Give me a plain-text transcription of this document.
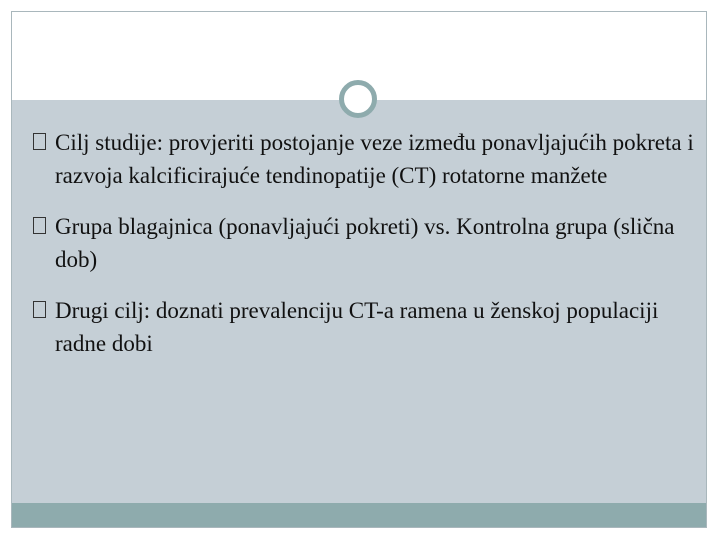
Cilj studije: provjeriti postojanje veze između ponavljajućih pokreta i razvoja kalcificirajuće tendinopatije (CT) rotatorne manžete
Grupa blagajnica (ponavljajući pokreti) vs. Kontrolna grupa (slična dob)
Drugi cilj: doznati prevalenciju CT-a ramena u ženskoj populaciji radne dobi
